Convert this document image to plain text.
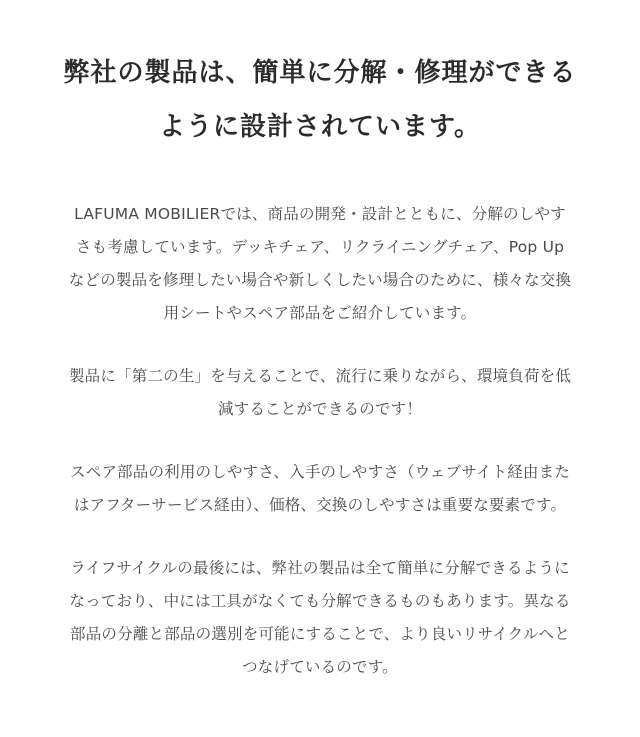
弊社の製品は、簡単に分解・修理ができる
ように設計されています。

LAFUMA MOBILIERでは、商品の開発・設計とともに、分解のしやす
さも考慮しています。デッキチェア、リクライニングチェア、Pop Up
などの製品を修理したい場合や新しくしたい場合のために、様々な交換
用シートやスペア部品をご紹介しています。

製品に「第二の生」を与えることで、流行に乗りながら、環境負荷を低
減することができるのです！

スペア部品の利用のしやすさ、入手のしやすさ（ウェブサイト経由また
はアフターサービス経由）、価格、交換のしやすさは重要な要素です。

ライフサイクルの最後には、弊社の製品は全て簡単に分解できるように
なっており、中には工具がなくても分解できるものもあります。異なる
部品の分離と部品の選別を可能にすることで、より良いリサイクルへと
つなげているのです。
